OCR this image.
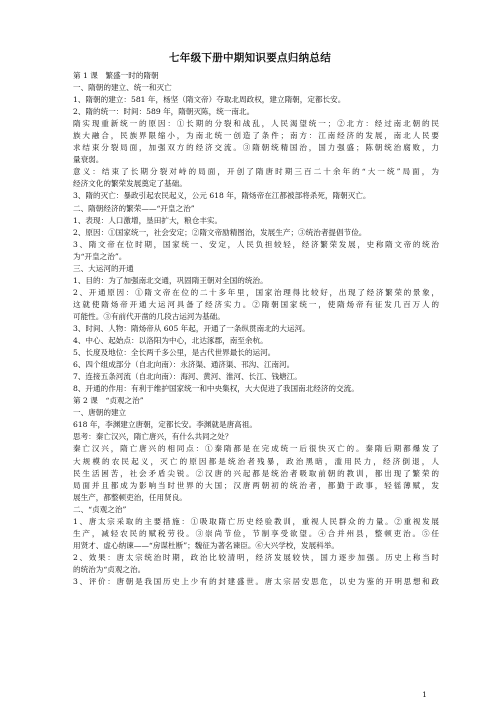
七年级下册中期知识要点归纳总结
第 1 课　繁盛一时的隋朝
一、隋朝的建立、统一和灭亡
1、隋朝的建立：581 年，杨坚（隋文帝）夺取北周政权，建立隋朝，定都长安。
2、隋的统一：时间：589 年，隋朝灭陈，统一南北。
隋实现重新统一的原因：①长期的分裂和战乱，人民渴望统一；②北方：经过南北朝的民
族大融合，民族界限缩小，为南北统一创造了条件；南方：江南经济的发展，南北人民要
求结束分裂局面，加强双方的经济交流。③隋朝统精国治，国力强盛；陈朝统治腐败，力
量衰弱。
意义：结束了长期分裂对峙的局面，开创了隋唐时期三百二十余年的“大一统”局面，为
经济文化的繁荣发展奠定了基础。
3、隋的灭亡：暴政引起农民起义，公元 618 年，隋炀帝在江都被部将杀死，隋朝灭亡。
二、隋朝经济的繁荣——“开皇之治”
1、表现：人口激增，垦田扩大，粮仓丰实。
2、原因：①国家统一，社会安定；②隋文帝励精图治，发展生产；③统治者提倡节俭。
3、隋文帝在位时期，国家统一、安定，人民负担较轻，经济繁荣发展，史称隋文帝的统治
为“开皇之治”。
三、大运河的开通
1、目的：为了加强南北交通，巩固隋王朝对全国的统治。
2、开通原因：①隋文帝在位的二十多年里，国家治理得比较好，出现了经济繁荣的景象，
这就使隋炀帝开通大运河具备了经济实力。②隋朝国家统一，使隋炀帝有征发几百万人的
可能性。③有前代开凿的几段古运河为基础。
3、时间、人物：隋炀帝从 605 年起，开通了一条纵贯南北的大运河。
4、中心、起始点：以洛阳为中心，北达涿郡，南至余杭。
5、长度及地位：全长两千多公里，是古代世界最长的运河。
6、四个组成部分（自北向南）：永济渠、通济渠、邗沟、江南河。
7、连接五条河流（自北向南）：海河、黄河、淮河、长江、钱塘江。
8、开通的作用：有利于维护国家统一和中央集权，大大促进了我国南北经济的交流。
第 2 课　“贞观之治”
一、唐朝的建立
618 年，李渊建立唐朝，定都长安。李渊就是唐高祖。
思考：秦亡汉兴，隋亡唐兴，有什么共同之处？
秦亡汉兴，隋亡唐兴的相同点：①秦隋都是在完成统一后很快灭亡的。秦隋后期都爆发了
大规模的农民起义，灭亡的原因都是统治者残暴，政治黑暗，滥用民力，经济倒退，人
民生活困苦，社会矛盾尖锐。②汉唐的兴起都是统治者吸取前朝的教训，都出现了繁荣的
局面并且都成为影响当时世界的大国；汉唐两朝初的统治者，都勤于政事，轻徭薄赋，发
展生产，都整顿吏治，任用贤良。
二、“贞观之治”
1、唐太宗采取的主要措施：①吸取隋亡历史经验教训，重视人民群众的力量。②重视发展
生产，减轻农民的赋税劳役。③崇尚节俭，节制享受欲望。④合并州县，整顿吏治。⑤任
用贤才、虚心纳谏——“房谋杜断”；魏征为著名谏臣。⑥大兴学校，发展科举。
2、效果：唐太宗统治时期，政治比较清明，经济发展较快，国力逐步加强。历史上称当时
的统治为“贞观之治。
3、评价：唐朝是我国历史上少有的封建盛世。唐太宗居安思危，以史为鉴的开明思想和政
1
